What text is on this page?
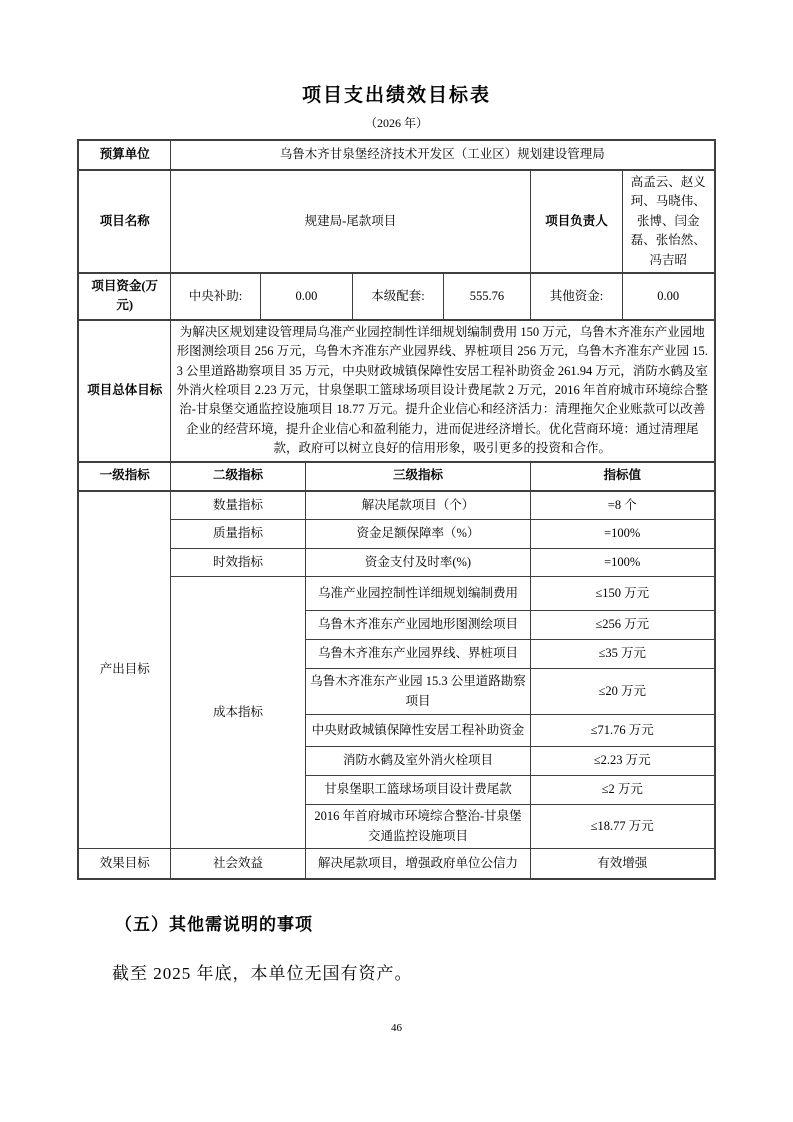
项目支出绩效目标表
（2026 年）
预算单位	乌鲁木齐甘泉堡经济技术开发区（工业区）规划建设管理局						
项目名称	规建局-尾款项目					项目负责人	高孟云、赵义珂、马晓伟、张博、闫金磊、张怡然、冯吉昭
项目资金(万元)	中央补助:	0.00		本级配套:	555.76	其他资金:	0.00
项目总体目标	为解决区规划建设管理局乌准产业园控制性详细规划编制费用 150 万元，乌鲁木齐准东产业园地形图测绘项目 256 万元，乌鲁木齐准东产业园界线、界桩项目 256 万元，乌鲁木齐准东产业园 15.3 公里道路勘察项目 35 万元，中央财政城镇保障性安居工程补助资金 261.94 万元，消防水鹤及室外消火栓项目 2.23 万元，甘泉堡职工篮球场项目设计费尾款 2 万元，2016 年首府城市环境综合整治-甘泉堡交通监控设施项目 18.77 万元。提升企业信心和经济活力：清理拖欠企业账款可以改善企业的经营环境，提升企业信心和盈利能力，进而促进经济增长。优化营商环境：通过清理尾款，政府可以树立良好的信用形象，吸引更多的投资和合作。						
一级指标	二级指标		三级指标			指标值	
产出目标	数量指标		解决尾款项目（个）			=8 个	
	质量指标		资金足额保障率（%）			=100%	
	时效指标		资金支付及时率(%)			=100%	
	成本指标		乌准产业园控制性详细规划编制费用			≤150 万元	
			乌鲁木齐准东产业园地形图测绘项目			≤256 万元	
			乌鲁木齐准东产业园界线、界桩项目			≤35 万元	
			乌鲁木齐准东产业园 15.3 公里道路勘察项目			≤20 万元	
			中央财政城镇保障性安居工程补助资金			≤71.76 万元	
			消防水鹤及室外消火栓项目			≤2.23 万元	
			甘泉堡职工篮球场项目设计费尾款			≤2 万元	
			2016 年首府城市环境综合整治-甘泉堡交通监控设施项目			≤18.77 万元	
效果目标	社会效益		解决尾款项目，增强政府单位公信力			有效增强	
（五）其他需说明的事项
截至 2025 年底，本单位无国有资产。
46
